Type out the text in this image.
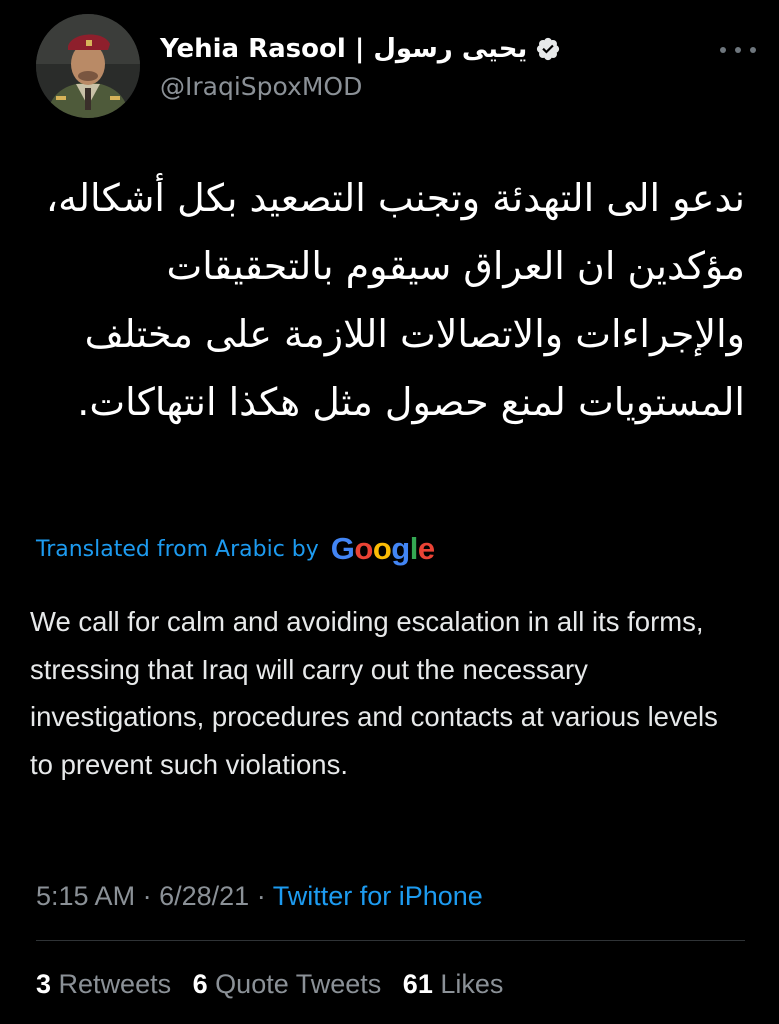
Yehia Rasool | يحيى رسول
@IraqiSpoxMOD

ندعو الى التهدئة وتجنب التصعيد بكل أشكاله، مؤكدين ان العراق سيقوم بالتحقيقات والإجراءات والاتصالات اللازمة على مختلف المستويات لمنع حصول مثل هكذا انتهاكات.

Translated from Arabic by Google

We call for calm and avoiding escalation in all its forms, stressing that Iraq will carry out the necessary investigations, procedures and contacts at various levels to prevent such violations.

5:15 AM · 6/28/21 · Twitter for iPhone
3 Retweets 6 Quote Tweets 61 Likes
